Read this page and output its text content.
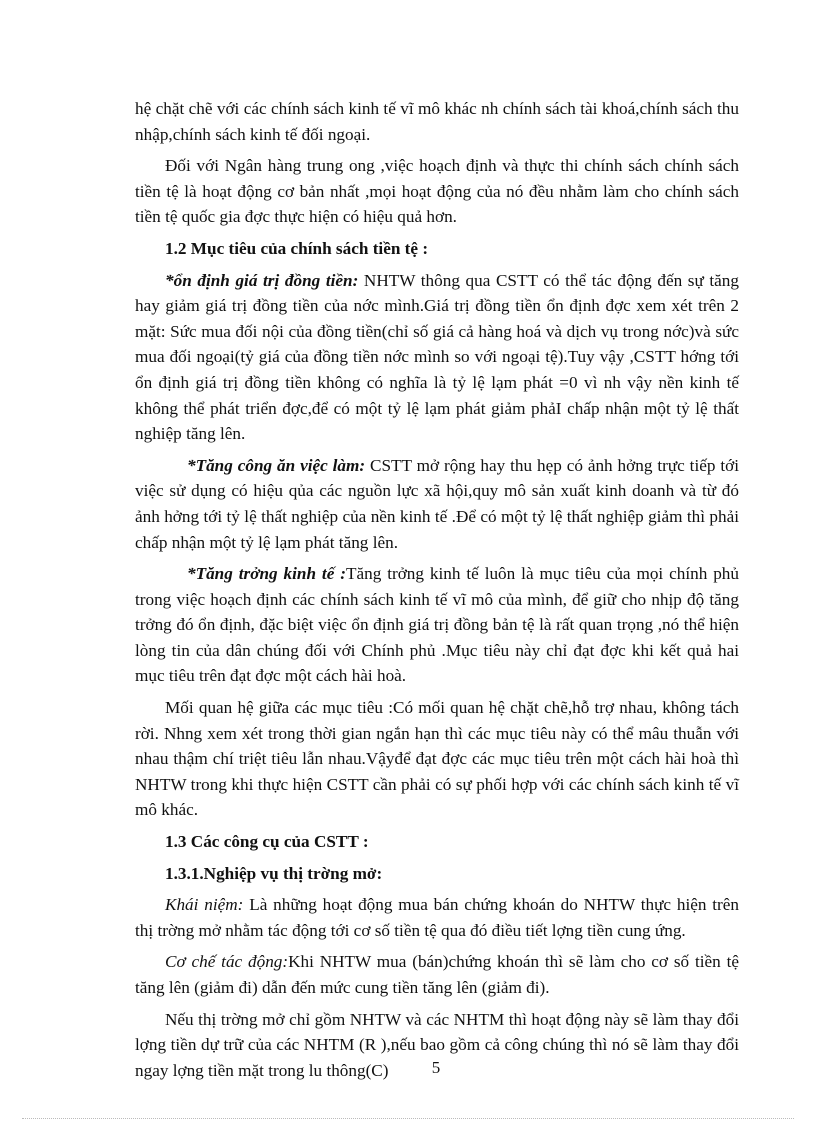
hệ chặt chẽ với các chính sách kinh tế vĩ mô khác nh chính sách tài khoá,chính sách thu nhập,chính sách kinh tế đối ngoại.

Đối với Ngân hàng trung ong ,việc hoạch định và thực thi chính sách chính sách tiền tệ là hoạt động cơ bản nhất ,mọi hoạt động của nó đều nhằm làm cho chính sách tiền tệ quốc gia đợc thực hiện có hiệu quả hơn.

1.2 Mục tiêu của chính sách tiền tệ :

*ổn định giá trị đồng tiền: NHTW thông qua CSTT có thể tác động đến sự tăng hay giảm giá trị đồng tiền của nớc mình.Giá trị đồng tiền ổn định đợc xem xét trên 2 mặt: Sức mua đối nội của đồng tiền(chỉ số giá cả hàng hoá và dịch vụ trong nớc)và sức mua đối ngoại(tỷ giá của đồng tiền nớc mình so với ngoại tệ).Tuy vậy ,CSTT hớng tới ổn định giá trị đồng tiền không có nghĩa là tỷ lệ lạm phát =0 vì nh vậy nền kinh tế không thể phát triển đợc,để có một tỷ lệ lạm phát giảm phảI chấp nhận một tỷ lệ thất nghiệp tăng lên.

*Tăng công ăn việc làm: CSTT mở rộng hay thu hẹp có ảnh hởng trực tiếp tới việc sử dụng có hiệu qủa các nguồn lực xã hội,quy mô sản xuất kinh doanh và từ đó ảnh hởng tới tỷ lệ thất nghiệp của nền kinh tế .Để có một tỷ lệ thất nghiệp giảm thì phải chấp nhận một tỷ lệ lạm phát tăng lên.

*Tăng trởng kinh tế :Tăng trởng kinh tế luôn là mục tiêu của mọi chính phủ trong việc hoạch định các chính sách kinh tế vĩ mô của mình, để giữ cho nhịp độ tăng trởng đó ổn định, đặc biệt việc ổn định giá trị đồng bản tệ là rất quan trọng ,nó thể hiện lòng tin của dân chúng đối với Chính phủ .Mục tiêu này chỉ đạt đợc khi kết quả hai mục tiêu trên đạt đợc một cách hài hoà.

Mối quan hệ giữa các mục tiêu :Có mối quan hệ chặt chẽ,hỗ trợ nhau, không tách rời. Nhng xem xét trong thời gian ngắn hạn thì các mục tiêu này có thể mâu thuẫn với nhau thậm chí triệt tiêu lẫn nhau.Vậyđể đạt đợc các mục tiêu trên một cách hài hoà thì NHTW trong khi thực hiện CSTT cần phải có sự phối hợp với các chính sách kinh tế vĩ mô khác.

1.3 Các công cụ của CSTT :

1.3.1.Nghiệp vụ thị trờng mở:

Khái niệm: Là những hoạt động mua bán chứng khoán do NHTW thực hiện trên thị trờng mở nhằm tác động tới cơ số tiền tệ qua đó điều tiết lợng tiền cung ứng.

Cơ chế tác động:Khi NHTW mua (bán)chứng khoán thì sẽ làm cho cơ số tiền tệ tăng lên (giảm đi) dẫn đến mức cung tiền tăng lên (giảm đi).

Nếu thị trờng mở chỉ gồm NHTW và các NHTM thì hoạt động này sẽ làm thay đổi lợng tiền dự trữ của các NHTM (R ),nếu bao gồm cả công chúng thì nó sẽ làm thay đổi ngay lợng tiền mặt trong lu thông(C)	5
